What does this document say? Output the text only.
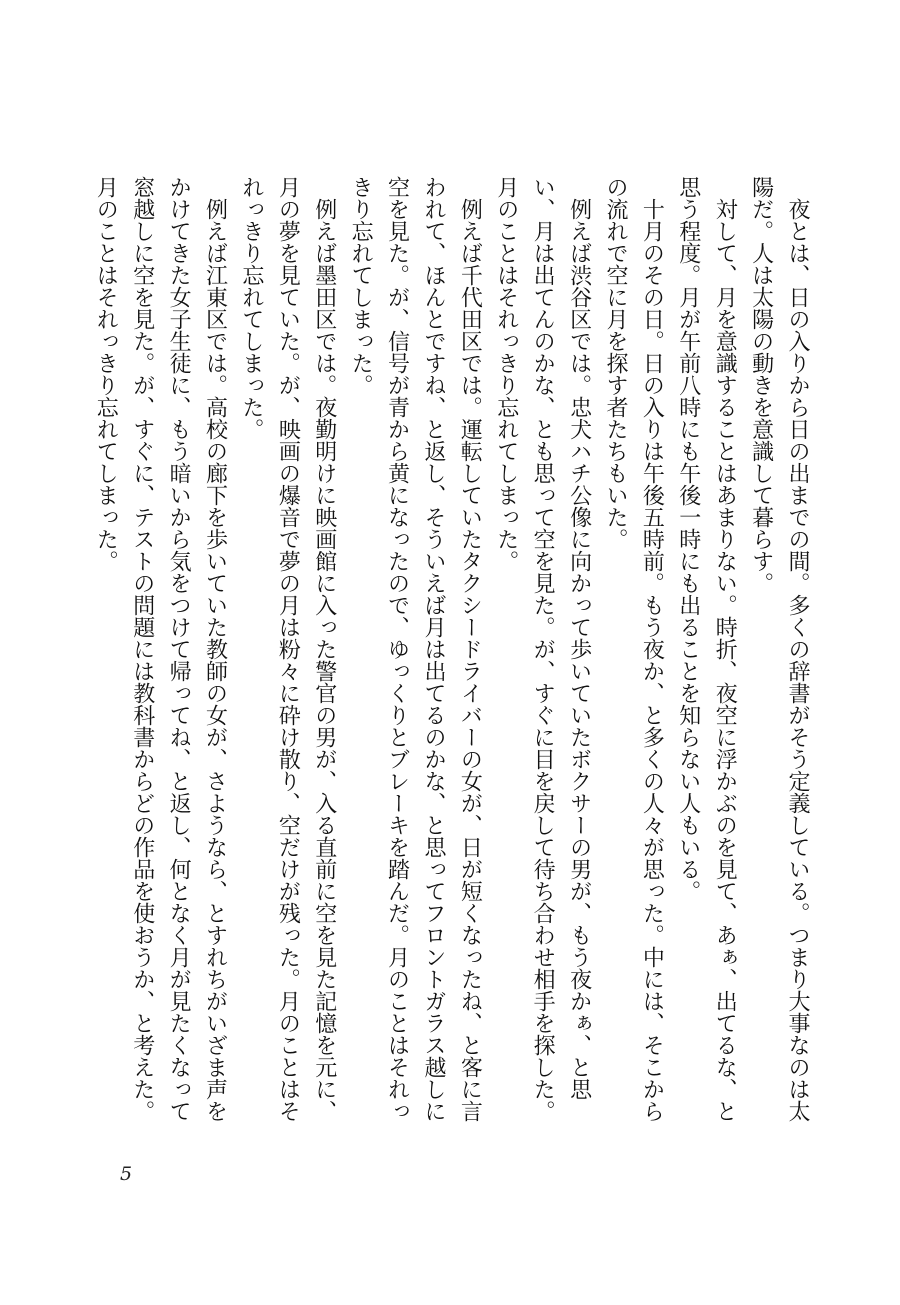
夜とは、日の入りから日の出までの間。多くの辞書がそう定義している。つまり大事なのは太陽だ。人は太陽の動きを意識して暮らす。

対して、月を意識することはあまりない。時折、夜空に浮かぶのを見て、あぁ、出てるな、と思う程度。月が午前八時にも午後一時にも出ることを知らない人もいる。

十月のその日。日の入りは午後五時前。もう夜か、と多くの人々が思った。中には、そこからの流れで空に月を探す者たちもいた。

例えば渋谷区では。忠犬ハチ公像に向かって歩いていたボクサーの男が、もう夜かぁ、と思い、月は出てんのかな、とも思って空を見た。が、すぐに目を戻して待ち合わせ相手を探した。月のことはそれっきり忘れてしまった。

例えば千代田区では。運転していたタクシードライバーの女が、日が短くなったね、と客に言われて、ほんとですね、と返し、そういえば月は出てるのかな、と思ってフロントガラス越しに空を見た。が、信号が青から黄になったので、ゆっくりとブレーキを踏んだ。月のことはそれっきり忘れてしまった。

例えば墨田区では。夜勤明けに映画館に入った警官の男が、入る直前に空を見た記憶を元に、月の夢を見ていた。が、映画の爆音で夢の月は粉々に砕け散り、空だけが残った。月のことはそれっきり忘れてしまった。

例えば江東区では。高校の廊下を歩いていた教師の女が、さようなら、とすれちがいざま声をかけてきた女子生徒に、もう暗いから気をつけて帰ってね、と返し、何となく月が見たくなって窓越しに空を見た。が、すぐに、テストの問題には教科書からどの作品を使おうか、と考えた。月のことはそれっきり忘れてしまった。

5
